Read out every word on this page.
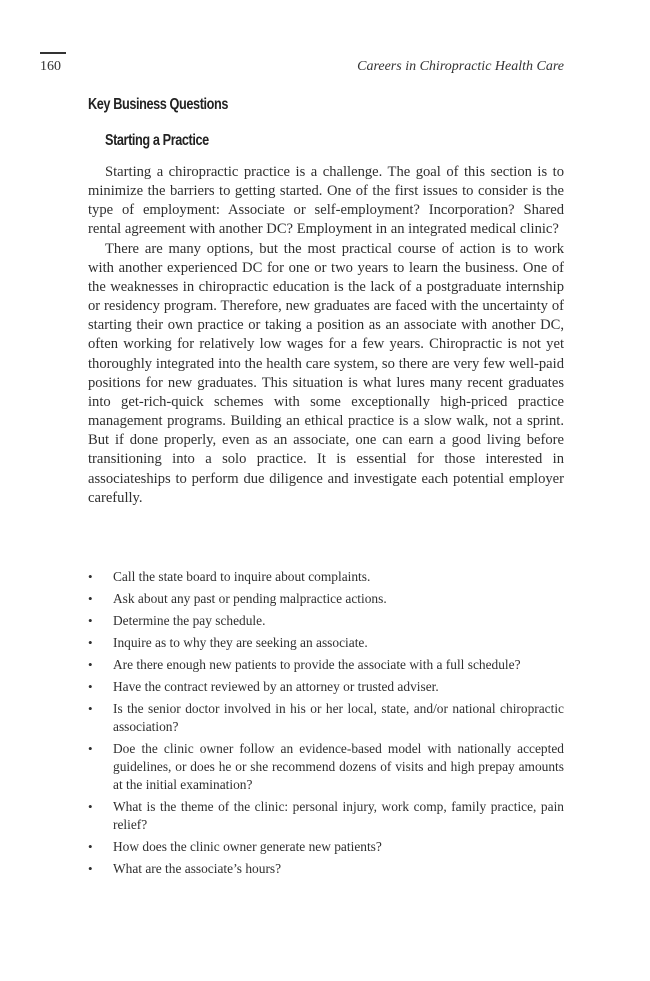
160	Careers in Chiropractic Health Care
Key Business Questions
Starting a Practice

Starting a chiropractic practice is a challenge. The goal of this section is to minimize the barriers to getting started. One of the first issues to consider is the type of employment: Associate or self-employment? Incorporation? Shared rental agreement with another DC? Employment in an integrated medical clinic?

There are many options, but the most practical course of action is to work with another experienced DC for one or two years to learn the business. One of the weaknesses in chiropractic education is the lack of a postgraduate internship or residency program. Therefore, new graduates are faced with the uncertainty of starting their own practice or taking a position as an associate with another DC, often working for relatively low wages for a few years. Chiropractic is not yet thoroughly integrated into the health care system, so there are very few well-paid positions for new graduates. This situation is what lures many recent graduates into get-rich-quick schemes with some exceptionally high-priced practice management programs. Building an ethical practice is a slow walk, not a sprint. But if done properly, even as an associate, one can earn a good living before transitioning into a solo practice. It is essential for those interested in associateships to perform due diligence and investigate each potential employer carefully.

• Call the state board to inquire about complaints.
• Ask about any past or pending malpractice actions.
• Determine the pay schedule.
• Inquire as to why they are seeking an associate.
• Are there enough new patients to provide the associate with a full schedule?
• Have the contract reviewed by an attorney or trusted adviser.
• Is the senior doctor involved in his or her local, state, and/or national chiropractic association?
• Doe the clinic owner follow an evidence-based model with nationally accepted guidelines, or does he or she recommend dozens of visits and high prepay amounts at the initial examination?
• What is the theme of the clinic: personal injury, work comp, family practice, pain relief?
• How does the clinic owner generate new patients?
• What are the associate’s hours?
